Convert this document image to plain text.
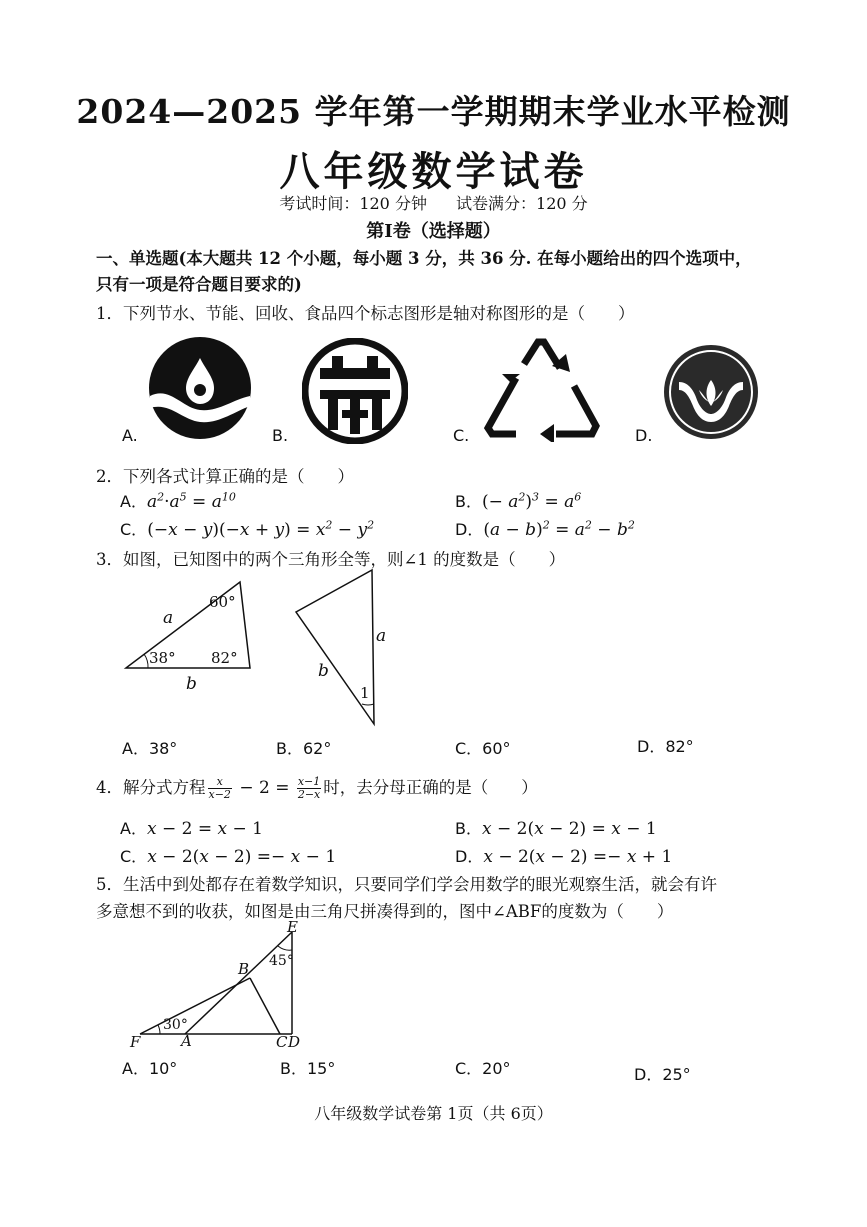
2024—2025 学年第一学期期末学业水平检测
八年级数学试卷
考试时间：120 分钟 试卷满分：120 分
第Ⅰ卷（选择题）
一、单选题(本大题共 12 个小题，每小题 3 分，共 36 分. 在每小题给出的四个选项中，
只有一项是符合题目要求的)
1．下列节水、节能、回收、食品四个标志图形是轴对称图形的是（　　）
A.	B.	C.	D.
2．下列各式计算正确的是（　　）
A．$a^2\cdot a^5 = a^{10}$	B．(− $a^2)^3 = a^6$
C．$(-x - y)(-x + y) = x^2 - y^2$	D．$(a - b)^2 = a^2 - b^2$
3．如图，已知图中的两个三角形全等，则∠1 的度数是（　　）
a
60°
38° 82°
b
a
b
1
A．38°	B．62°	C．60°	D．82°
4．解分式方程 $\frac{x}{x-2} - 2 = \frac{x-1}{2-x}$ 时，去分母正确的是（　　）
A．x − 2 = x − 1	B．x − 2(x − 2) = x − 1
C．x − 2(x − 2) =− x − 1	D．x − 2(x − 2) =− x + 1
5．生活中到处都存在着数学知识，只要同学们学会用数学的眼光观察生活，就会有许
多意想不到的收获，如图是由三角尺拼凑得到的，图中∠ABF的度数为（　　）
E
45°
B
30°
F	A	C D
A．10°	B．15°	C．20°	D．25°
八年级数学试卷第 1页（共 6页）
